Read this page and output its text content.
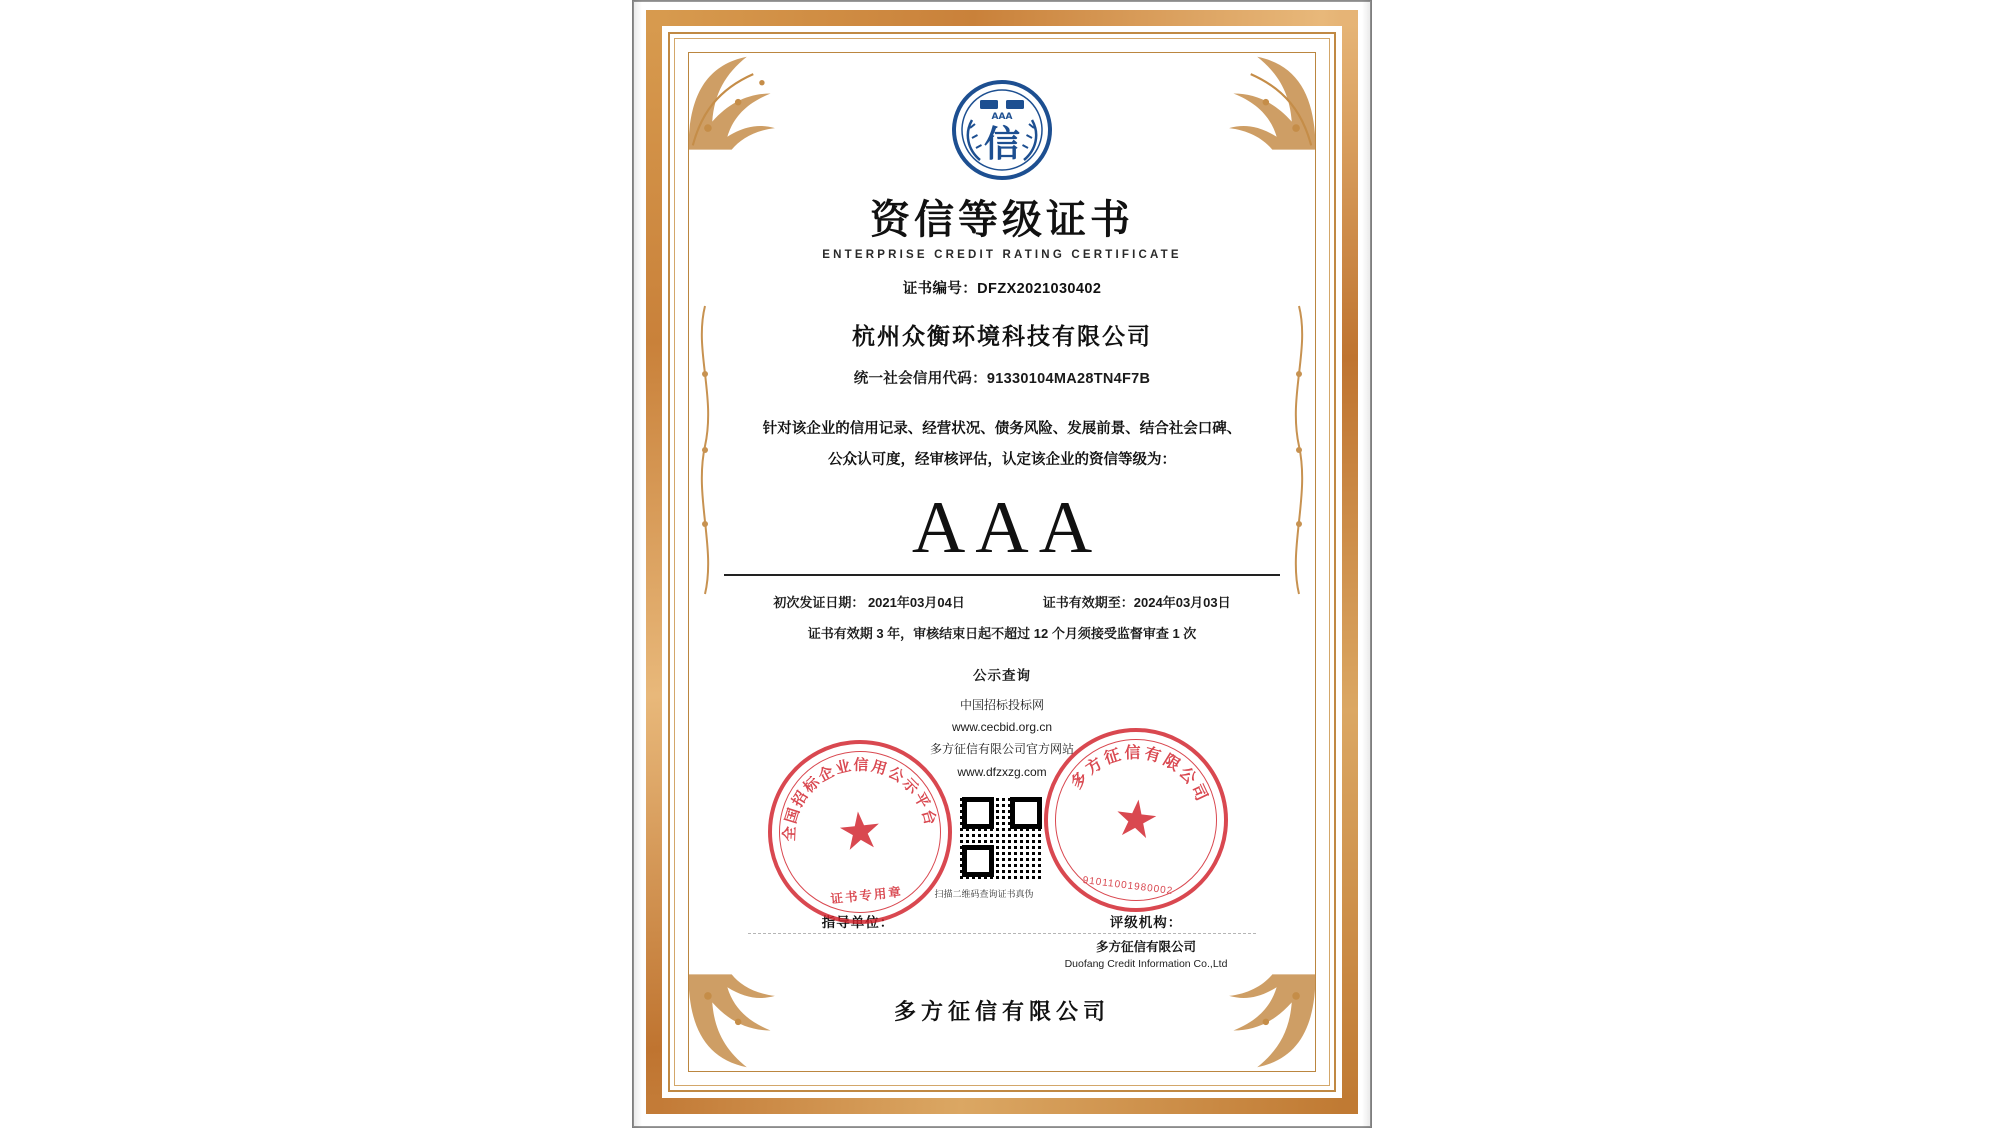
AAA
信
资信等级证书
ENTERPRISE CREDIT RATING CERTIFICATE
证书编号：DFZX2021030402
杭州众衡环境科技有限公司
统一社会信用代码：91330104MA28TN4F7B
针对该企业的信用记录、经营状况、债务风险、发展前景、结合社会口碑、
公众认可度，经审核评估，认定该企业的资信等级为：
AAA
初次发证日期： 2021年03月04日	证书有效期至：2024年03月03日
证书有效期 3 年，审核结束日起不超过 12 个月须接受监督审查 1 次
公示查询
中国招标投标网
www.cecbid.org.cn
多方征信有限公司官方网站
www.dfzxzg.com
扫描二维码查询证书真伪
指导单位：	评级机构：
多方征信有限公司
Duofang Credit Information Co.,Ltd
多方征信有限公司
全国招标企业信用公示平台
★
证书专用章
多方征信有限公司
★
91011001980002
